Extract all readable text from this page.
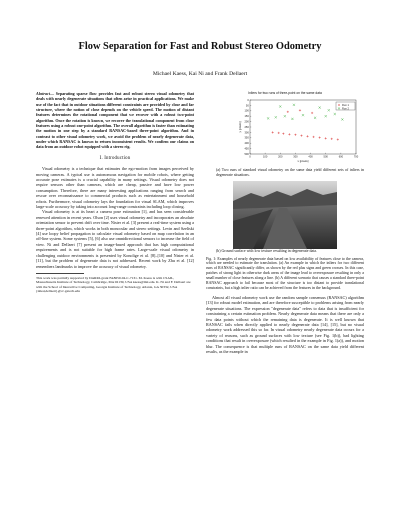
Flow Separation for Fast and Robust Stereo Odometry
Michael Kaess, Kai Ni and Frank Dellaert
Abstract— Separating sparse flow provides fast and robust stereo visual odometry that deals with nearly degenerate situations that often arise in practical applications. We make use of the fact that in outdoor situations different constraints are provided by close and far structure, where the notion of close depends on the vehicle speed. The motion of distant features determines the rotational component that we recover with a robust two-point algorithm. Once the rotation is known, we recover the translational component from close features using a robust one-point algorithm. The overall algorithm is faster than estimating the motion in one step by a standard RANSAC-based three-point algorithm. And in contrast to other visual odometry work, we avoid the problem of nearly degenerate data, under which RANSAC is known to return inconsistent results. We confirm our claims on data from an outdoor robot equipped with a stereo rig.
I. Introduction
Visual odometry is a technique that estimates the ego-motion from images perceived by moving cameras. A typical use is autonomous navigation for mobile robots, where getting accurate pose estimates is a crucial capability in many settings. Visual odometry does not require sensors other than cameras, which are cheap, passive and have low power consumption. Therefore, there are many interesting applications ranging from search and rescue over reconnaissance to commercial products such as entertainment and household robots. Furthermore, visual odometry lays the foundation for visual SLAM, which improves large-scale accuracy by taking into account long-range constraints including loop closing.
Visual odometry is at its heart a camera pose estimation [1], and has seen considerable renewed attention in recent years. Olson [2] uses visual odometry and incorporates an absolute orientation sensor to prevent drift over time. Nister et al. [3] present a real-time system using a three-point algorithm, which works in both monocular and stereo settings. Levin and Szeliski [4] use loopy belief propagation to calculate visual odometry based on map correlation in an off-line system. Some systems [5], [6] also use omnidirectional sensors to increase the field of view. Ni and Dellaert [7] present an image-based approach that has high computational requirements and is not suitable for high frame rates. Large-scale visual odometry in challenging outdoor environments is presented by Konolige et al. [8]–[10] and Nister et al. [11], but the problem of degenerate data is not addressed. Recent work by Zhu et al. [12] remembers landmarks to improve the accuracy of visual odometry.
This work was partially supported by DARPA grant FA8650-04-C-7131. M. Kaess is with CSAIL, Massachusetts Institute of Technology, Cambridge, MA 02139, USA kaess@mit.edu. K. Ni and F. Dellaert are with the School of Interactive Computing, Georgia Institute of Technology, Atlanta, GA 30332, USA {nikai,dellaert}@cc.gatech.edu
Inliers for two runs of three-point on the same data
0	100	200	300	400	500	600	700
0
50
100
150
200
250
300
350
400
450
500
x [pixels]
y [pixels]
Run 1
Run 2
(a) Two runs of standard visual odometry on the same data yield different sets of inliers in degenerate situations.
(b) Ground surface with low texture resulting in degenerate data.
Fig. 1: Examples of nearly degenerate data based on low availability of features close to the camera, which are needed to estimate the translation. (a) An example in which the inliers for two different runs of RANSAC significantly differ, as shown by the red plus signs and green crosses. In this case, patches of strong light in otherwise dark areas of the image lead to overexposure resulting in only a small number of close features along a line. (b) A different scenario that causes a standard three-point RANSAC approach to fail because most of the structure is too distant to provide translational constraints, but a high inlier ratio can be achieved from the features in the background.
Almost all visual odometry work use the random sample consensus (RANSAC) algorithm [13] for robust model estimation, and are therefore susceptible to problems arising from nearly degenerate situations. The expression "degenerate data" refers to data that is insufficient for constraining a certain estimation problem. Nearly degenerate data means that there are only a few data points without which the remaining data is degenerate. It is well known that RANSAC fails when directly applied to nearly degenerate data [14], [15], but no visual odometry work addressed this so far. In visual odometry nearly degenerate data occurs for a variety of reasons, such as ground surfaces with low texture (see Fig. 1(b)), bad lighting conditions that result in overexposure (which resulted in the example in Fig. 1(a)), and motion blur. The consequence is that multiple runs of RANSAC on the same data yield different results, as the example in
